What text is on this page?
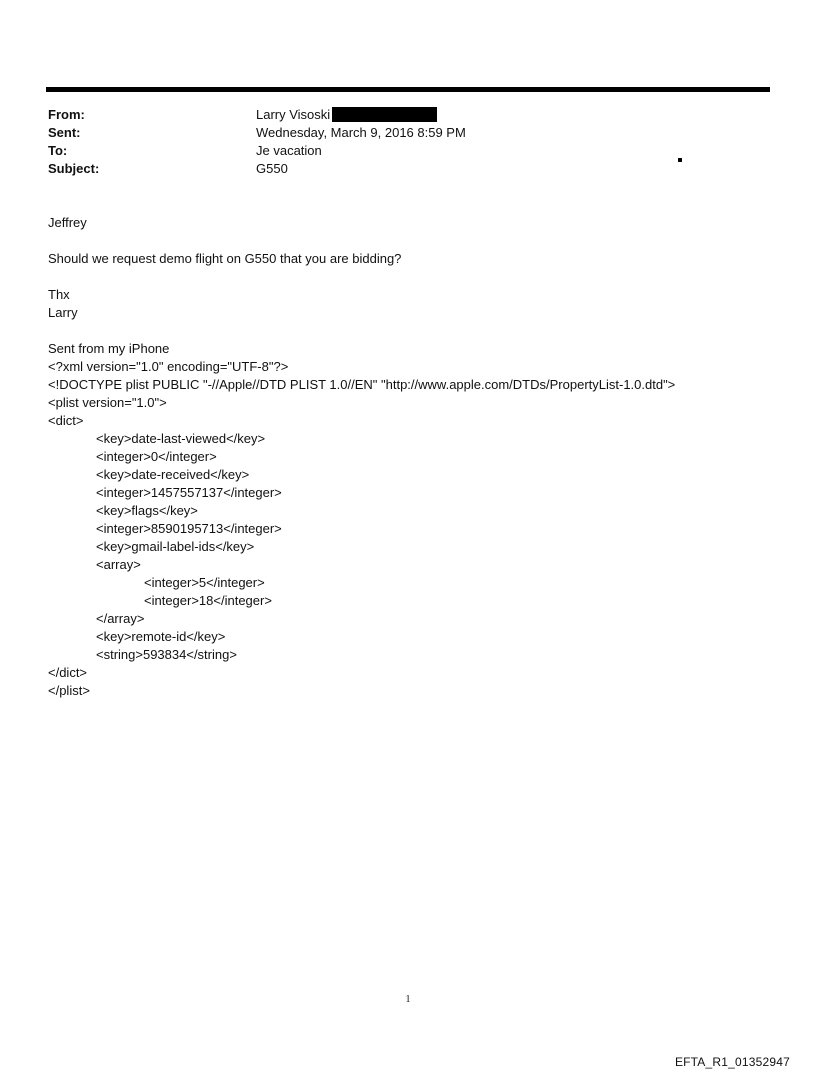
From:	Larry Visoski
Sent:	Wednesday, March 9, 2016 8:59 PM
To:	Je vacation
Subject:	G550
Jeffrey
Should we request demo flight on G550 that you are bidding?
Thx
Larry
Sent from my iPhone
<?xml version="1.0" encoding="UTF-8"?>
<!DOCTYPE plist PUBLIC "-//Apple//DTD PLIST 1.0//EN" "http://www.apple.com/DTDs/PropertyList-1.0.dtd">
<plist version="1.0">
<dict>
<key>date-last-viewed</key>
<integer>0</integer>
<key>date-received</key>
<integer>1457557137</integer>
<key>flags</key>
<integer>8590195713</integer>
<key>gmail-label-ids</key>
<array>
<integer>5</integer>
<integer>18</integer>
</array>
<key>remote-id</key>
<string>593834</string>
</dict>
</plist>
1
EFTA_R1_01352947
